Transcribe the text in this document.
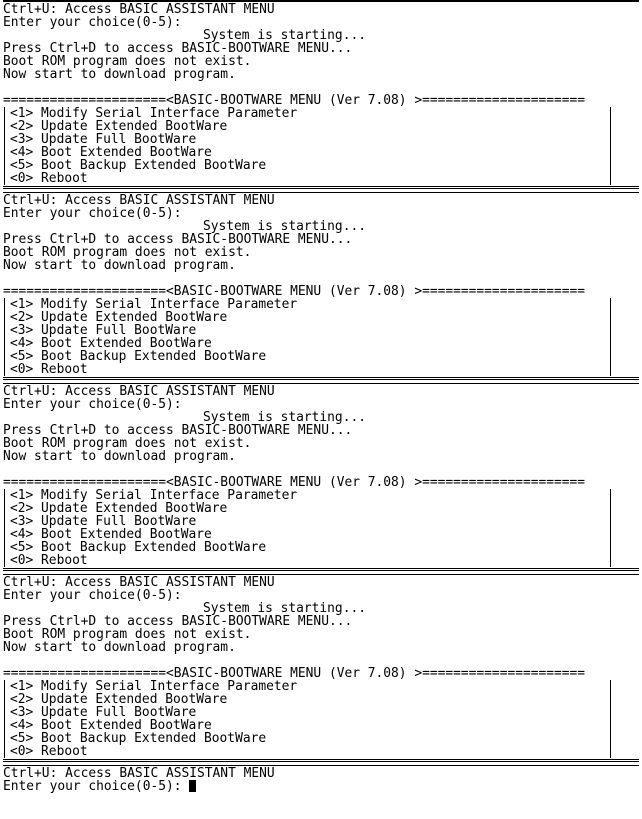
Ctrl+U: Access BASIC ASSISTANT MENU
Enter your choice(0-5):
System is starting...
Press Ctrl+D to access BASIC-BOOTWARE MENU...
Boot ROM program does not exist.
Now start to download program.
=====================<BASIC-BOOTWARE MENU (Ver 7.08) >=====================
<1> Modify Serial Interface Parameter
<2> Update Extended BootWare
<3> Update Full BootWare
<4> Boot Extended BootWare
<5> Boot Backup Extended BootWare
<0> Reboot
Ctrl+U: Access BASIC ASSISTANT MENU
Enter your choice(0-5):
System is starting...
Press Ctrl+D to access BASIC-BOOTWARE MENU...
Boot ROM program does not exist.
Now start to download program.
=====================<BASIC-BOOTWARE MENU (Ver 7.08) >=====================
<1> Modify Serial Interface Parameter
<2> Update Extended BootWare
<3> Update Full BootWare
<4> Boot Extended BootWare
<5> Boot Backup Extended BootWare
<0> Reboot
Ctrl+U: Access BASIC ASSISTANT MENU
Enter your choice(0-5):
System is starting...
Press Ctrl+D to access BASIC-BOOTWARE MENU...
Boot ROM program does not exist.
Now start to download program.
=====================<BASIC-BOOTWARE MENU (Ver 7.08) >=====================
<1> Modify Serial Interface Parameter
<2> Update Extended BootWare
<3> Update Full BootWare
<4> Boot Extended BootWare
<5> Boot Backup Extended BootWare
<0> Reboot
Ctrl+U: Access BASIC ASSISTANT MENU
Enter your choice(0-5):
System is starting...
Press Ctrl+D to access BASIC-BOOTWARE MENU...
Boot ROM program does not exist.
Now start to download program.
=====================<BASIC-BOOTWARE MENU (Ver 7.08) >=====================
<1> Modify Serial Interface Parameter
<2> Update Extended BootWare
<3> Update Full BootWare
<4> Boot Extended BootWare
<5> Boot Backup Extended BootWare
<0> Reboot
Ctrl+U: Access BASIC ASSISTANT MENU
Enter your choice(0-5):
